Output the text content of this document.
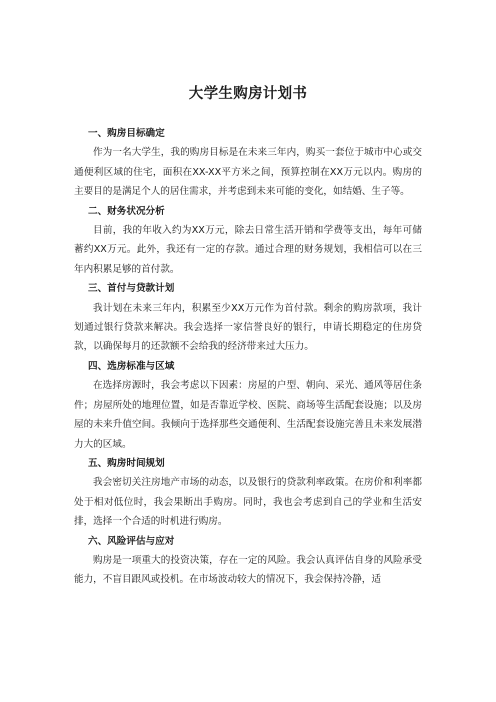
大学生购房计划书

一、购房目标确定

作为一名大学生，我的购房目标是在未来三年内，购买一套位于城市中心或交通便利区域的住宅，面积在XX-XX平方米之间，预算控制在XX万元以内。购房的主要目的是满足个人的居住需求，并考虑到未来可能的变化，如结婚、生子等。

二、财务状况分析

目前，我的年收入约为XX万元，除去日常生活开销和学费等支出，每年可储蓄约XX万元。此外，我还有一定的存款。通过合理的财务规划，我相信可以在三年内积累足够的首付款。

三、首付与贷款计划

我计划在未来三年内，积累至少XX万元作为首付款。剩余的购房款项，我计划通过银行贷款来解决。我会选择一家信誉良好的银行，申请长期稳定的住房贷款，以确保每月的还款额不会给我的经济带来过大压力。

四、选房标准与区域

在选择房源时，我会考虑以下因素：房屋的户型、朝向、采光、通风等居住条件；房屋所处的地理位置，如是否靠近学校、医院、商场等生活配套设施；以及房屋的未来升值空间。我倾向于选择那些交通便利、生活配套设施完善且未来发展潜力大的区域。

五、购房时间规划

我会密切关注房地产市场的动态，以及银行的贷款利率政策。在房价和利率都处于相对低位时，我会果断出手购房。同时，我也会考虑到自己的学业和生活安排，选择一个合适的时机进行购房。

六、风险评估与应对

购房是一项重大的投资决策，存在一定的风险。我会认真评估自身的风险承受能力，不盲目跟风或投机。在市场波动较大的情况下，我会保持冷静，适
